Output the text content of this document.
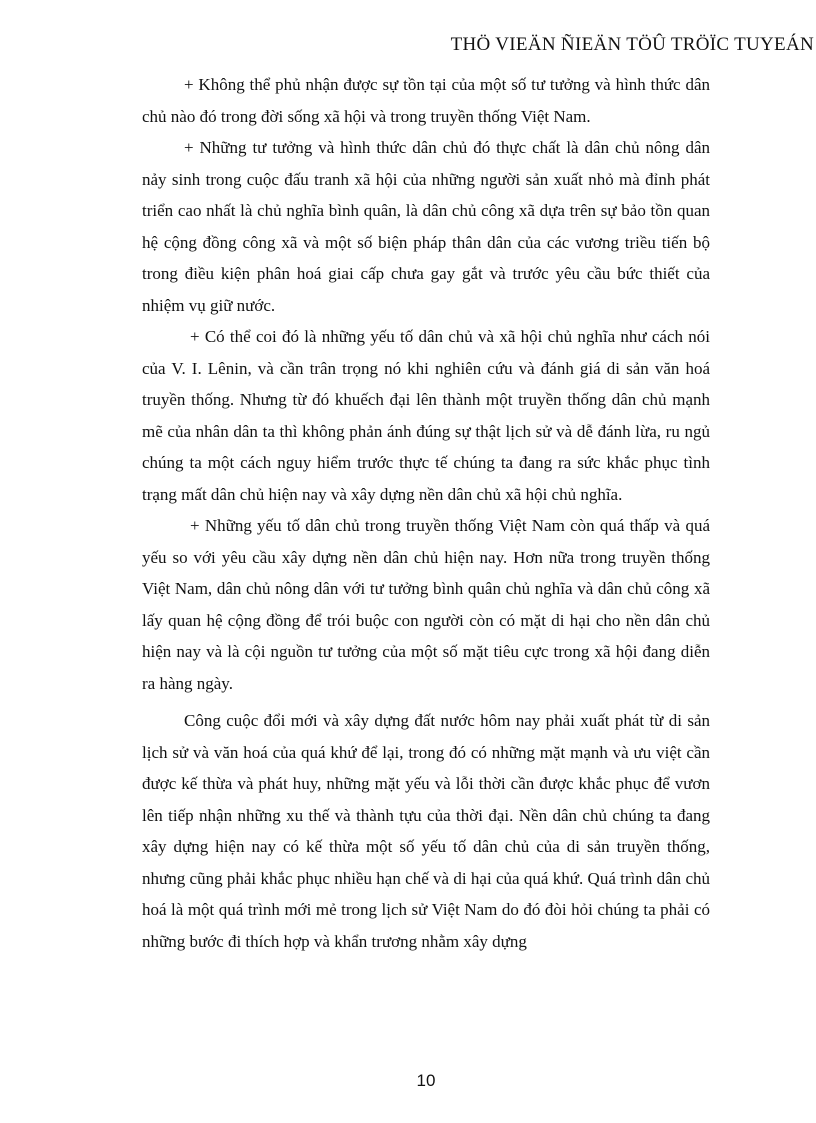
THÖ VIEÄN ÑIEÄN TÖÛ TRÖÏC TUYEÁN

+ Không thể phủ nhận được sự tồn tại của một số tư tưởng và hình thức dân chủ nào đó trong đời sống xã hội và trong truyền thống Việt Nam.

+ Những tư tưởng và hình thức dân chủ đó thực chất là dân chủ nông dân nảy sinh trong cuộc đấu tranh xã hội của những người sản xuất nhỏ mà đỉnh phát triển cao nhất là chủ nghĩa bình quân, là dân chủ công xã dựa trên sự bảo tồn quan hệ cộng đồng công xã và một số biện pháp thân dân của các vương triều tiến bộ trong điều kiện phân hoá giai cấp chưa gay gắt và trước yêu cầu bức thiết của nhiệm vụ giữ nước.

+ Có thể coi đó là những yếu tố dân chủ và xã hội chủ nghĩa như cách nói của V. I. Lênin, và cần trân trọng nó khi nghiên cứu và đánh giá di sản văn hoá truyền thống. Nhưng từ đó khuếch đại lên thành một truyền thống dân chủ mạnh mẽ của nhân dân ta thì không phản ánh đúng sự thật lịch sử và dễ đánh lừa, ru ngủ chúng ta một cách nguy hiểm trước thực tế chúng ta đang ra sức khắc phục tình trạng mất dân chủ hiện nay và xây dựng nền dân chủ xã hội chủ nghĩa.

+ Những yếu tố dân chủ trong truyền thống Việt Nam còn quá thấp và quá yếu so với yêu cầu xây dựng nền dân chủ hiện nay. Hơn nữa trong truyền thống Việt Nam, dân chủ nông dân với tư tưởng bình quân chủ nghĩa và dân chủ công xã lấy quan hệ cộng đồng để trói buộc con người còn có mặt di hại cho nền dân chủ hiện nay và là cội nguồn tư tưởng của một số mặt tiêu cực trong xã hội đang diễn ra hàng ngày.

Công cuộc đổi mới và xây dựng đất nước hôm nay phải xuất phát từ di sản lịch sử và văn hoá của quá khứ để lại, trong đó có những mặt mạnh và ưu việt cần được kế thừa và phát huy, những mặt yếu và lỗi thời cần được khắc phục để vươn lên tiếp nhận những xu thế và thành tựu của thời đại. Nền dân chủ chúng ta đang xây dựng hiện nay có kế thừa một số yếu tố dân chủ của di sản truyền thống, nhưng cũng phải khắc phục nhiều hạn chế và di hại của quá khứ. Quá trình dân chủ hoá là một quá trình mới mẻ trong lịch sử Việt Nam do đó đòi hỏi chúng ta phải có những bước đi thích hợp và khẩn trương nhằm xây dựng

10
